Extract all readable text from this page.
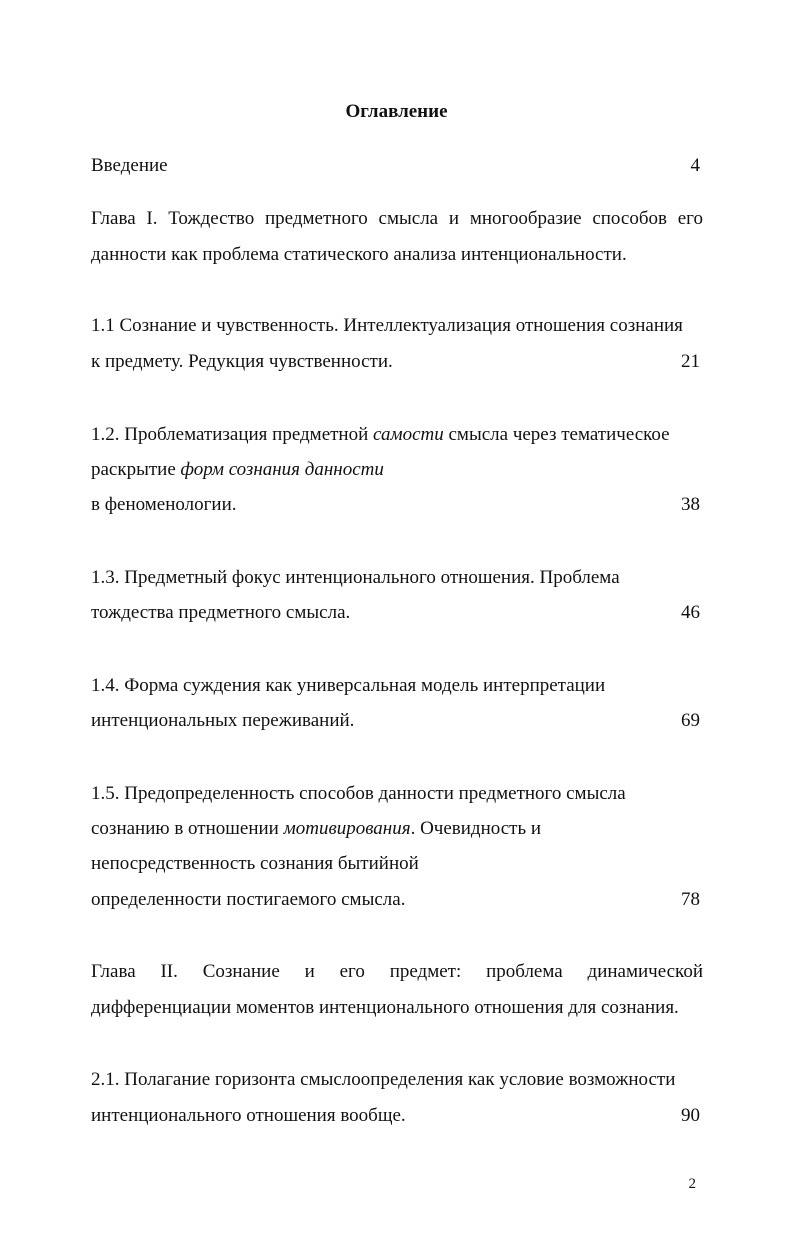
Оглавление
Введение	4
Глава I. Тождество предметного смысла и многообразие способов его
данности как проблема статического анализа интенциональности.
1.1 Сознание и чувственность. Интеллектуализация отношения сознания
к предмету. Редукция чувственности.	21
1.2. Проблематизация предметной самости смысла через тематическое
раскрытие форм сознания данности
в феноменологии.	38
1.3. Предметный фокус интенционального отношения. Проблема
тождества предметного смысла.	46
1.4. Форма суждения как универсальная модель интерпретации
интенциональных переживаний.	69
1.5. Предопределенность способов данности предметного смысла
сознанию в отношении мотивирования. Очевидность и
непосредственность сознания бытийной
определенности постигаемого смысла.	78
Глава II. Сознание и его предмет: проблема динамической
дифференциации моментов интенционального отношения для сознания.
2.1. Полагание горизонта смыслоопределения как условие возможности
интенционального отношения вообще.	90
2
